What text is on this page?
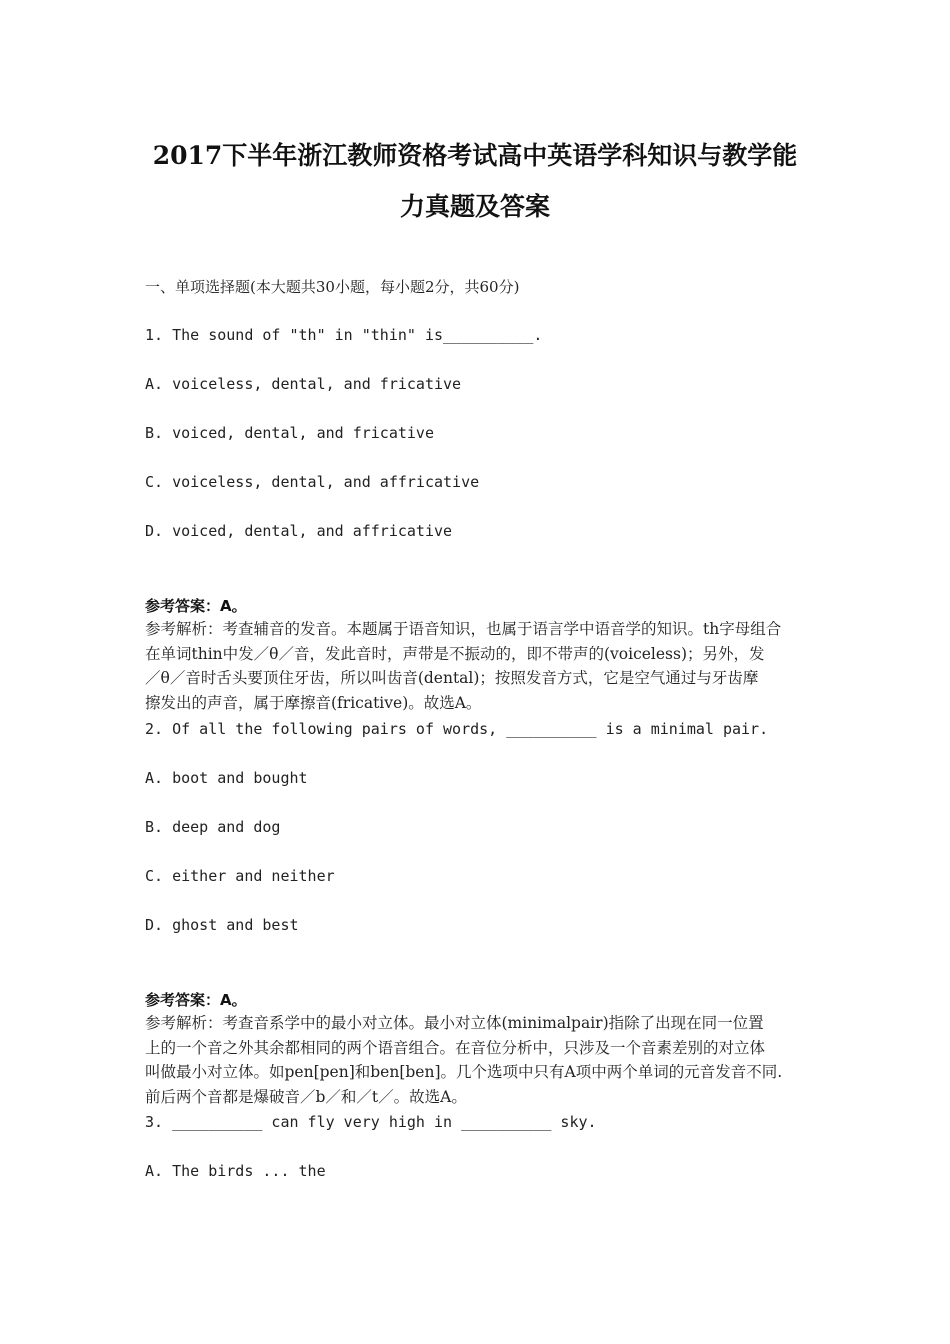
2017下半年浙江教师资格考试高中英语学科知识与教学能
力真题及答案
一、单项选择题(本大题共30小题，每小题2分，共60分)
1. The sound of "th" in "thin" is__________.
A. voiceless, dental, and fricative
B. voiced, dental, and fricative
C. voiceless, dental, and affricative
D. voiced, dental, and affricative
参考答案：A。
参考解析：考查辅音的发音。本题属于语音知识，也属于语言学中语音学的知识。th字母组合
在单词thin中发／θ／音，发此音时，声带是不振动的，即不带声的(voiceless)；另外，发
／θ／音时舌头要顶住牙齿，所以叫齿音(dental)；按照发音方式，它是空气通过与牙齿摩
擦发出的声音，属于摩擦音(fricative)。故选A。
2. Of all the following pairs of words, __________ is a minimal pair.
A. boot and bought
B. deep and dog
C. either and neither
D. ghost and best
参考答案：A。
参考解析：考查音系学中的最小对立体。最小对立体(minimalpair)指除了出现在同一位置
上的一个音之外其余都相同的两个语音组合。在音位分析中，只涉及一个音素差别的对立体
叫做最小对立体。如pen[pen]和ben[ben]。几个选项中只有A项中两个单词的元音发音不同.
前后两个音都是爆破音／b／和／t／。故选A。
3. __________ can fly very high in __________ sky.
A. The birds ... the
